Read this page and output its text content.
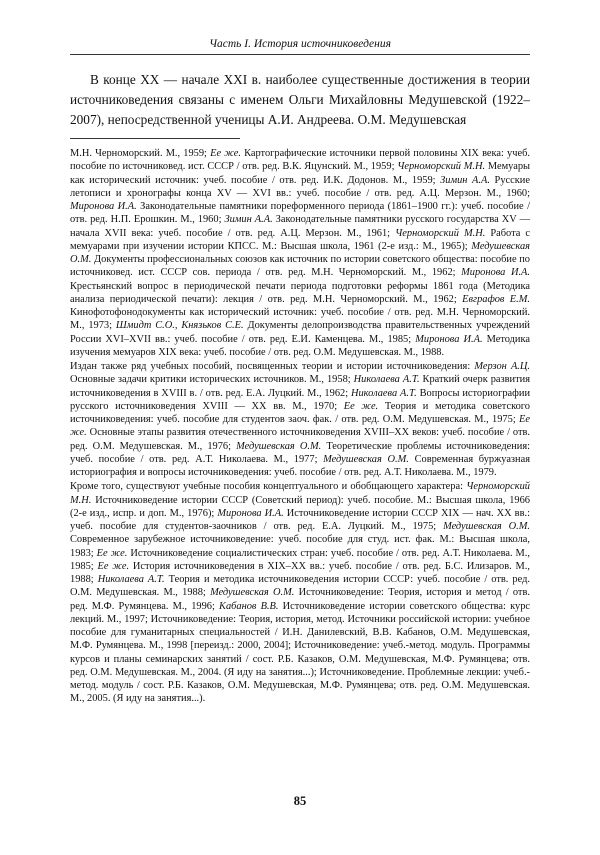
Часть I. История источниковедения

В конце XX — начале XXI в. наиболее существенные достижения в теории источниковедения связаны с именем Ольги Михайловны Медушевской (1922–2007), непосредственной ученицы А.И. Андреева. О.М. Медушевская

М.Н. Черноморский. М., 1959; Ее же. Картографические источники первой половины XIX века: учеб. пособие по источниковед. ист. СССР / отв. ред. В.К. Яцунский. М., 1959; Черноморский М.Н. Мемуары как исторический источник: учеб. пособие / отв. ред. И.К. Додонов. М., 1959; Зимин А.А. Русские летописи и хронографы конца XV — XVI вв.: учеб. пособие / отв. ред. А.Ц. Мерзон. М., 1960; Миронова И.А. Законодательные памятники пореформенного периода (1861–1900 гг.): учеб. пособие / отв. ред. Н.П. Ерошкин. М., 1960; Зимин А.А. Законодательные памятники русского государства XV — начала XVII века: учеб. пособие / отв. ред. А.Ц. Мерзон. М., 1961; Черноморский М.Н. Работа с мемуарами при изучении истории КПСС. М.: Высшая школа, 1961 (2-е изд.: М., 1965); Медушевская О.М. Документы профессиональных союзов как источник по истории советского общества: пособие по источниковед. ист. СССР сов. периода / отв. ред. М.Н. Черноморский. М., 1962; Миронова И.А. Крестьянский вопрос в периодической печати периода подготовки реформы 1861 года (Методика анализа периодической печати): лекция / отв. ред. М.Н. Черноморский. М., 1962; Евграфов Е.М. Кинофотофонодокументы как исторический источник: учеб. пособие / отв. ред. М.Н. Черноморский. М., 1973; Шмидт С.О., Князьков С.Е. Документы делопроизводства правительственных учреждений России XVI–XVII вв.: учеб. пособие / отв. ред. Е.И. Каменцева. М., 1985; Миронова И.А. Методика изучения мемуаров XIX века: учеб. пособие / отв. ред. О.М. Медушевская. М., 1988.

Издан также ряд учебных пособий, посвященных теории и истории источниковедения: Мерзон А.Ц. Основные задачи критики исторических источников. М., 1958; Николаева А.Т. Краткий очерк развития источниковедения в XVIII в. / отв. ред. Е.А. Луцкий. М., 1962; Николаева А.Т. Вопросы историографии русского источниковедения XVIII — XX вв. М., 1970; Ее же. Теория и методика советского источниковедения: учеб. пособие для студентов заоч. фак. / отв. ред. О.М. Медушевская. М., 1975; Ее же. Основные этапы развития отечественного источниковедения XVIII–XX веков: учеб. пособие / отв. ред. О.М. Медушевская. М., 1976; Медушевская О.М. Теоретические проблемы источниковедения: учеб. пособие / отв. ред. А.Т. Николаева. М., 1977; Медушевская О.М. Современная буржуазная историография и вопросы источниковедения: учеб. пособие / отв. ред. А.Т. Николаева. М., 1979.

Кроме того, существуют учебные пособия концептуального и обобщающего характера: Черноморский М.Н. Источниковедение истории СССР (Советский период): учеб. пособие. М.: Высшая школа, 1966 (2-е изд., испр. и доп. М., 1976); Миронова И.А. Источниковедение истории СССР XIX — нач. XX вв.: учеб. пособие для студентов-заочников / отв. ред. Е.А. Луцкий. М., 1975; Медушевская О.М. Современное зарубежное источниковедение: учеб. пособие для студ. ист. фак. М.: Высшая школа, 1983; Ее же. Источниковедение социалистических стран: учеб. пособие / отв. ред. А.Т. Николаева. М., 1985; Ее же. История источниковедения в XIX–XX вв.: учеб. пособие / отв. ред. Б.С. Илизаров. М., 1988; Николаева А.Т. Теория и методика источниковедения истории СССР: учеб. пособие / отв. ред. О.М. Медушевская. М., 1988; Медушевская О.М. Источниковедение: Теория, история и метод / отв. ред. М.Ф. Румянцева. М., 1996; Кабанов В.В. Источниковедение истории советского общества: курс лекций. М., 1997; Источниковедение: Теория, история, метод. Источники российской истории: учебное пособие для гуманитарных специальностей / И.Н. Данилевский, В.В. Кабанов, О.М. Медушевская, М.Ф. Румянцева. М., 1998 [переизд.: 2000, 2004]; Источниковедение: учеб.-метод. модуль. Программы курсов и планы семинарских занятий / сост. Р.Б. Казаков, О.М. Медушевская, М.Ф. Румянцева; отв. ред. О.М. Медушевская. М., 2004. (Я иду на занятия...); Источниковедение. Проблемные лекции: учеб.-метод. модуль / сост. Р.Б. Казаков, О.М. Медушевская, М.Ф. Румянцева; отв. ред. О.М. Медушевская. М., 2005. (Я иду на занятия...).

85
